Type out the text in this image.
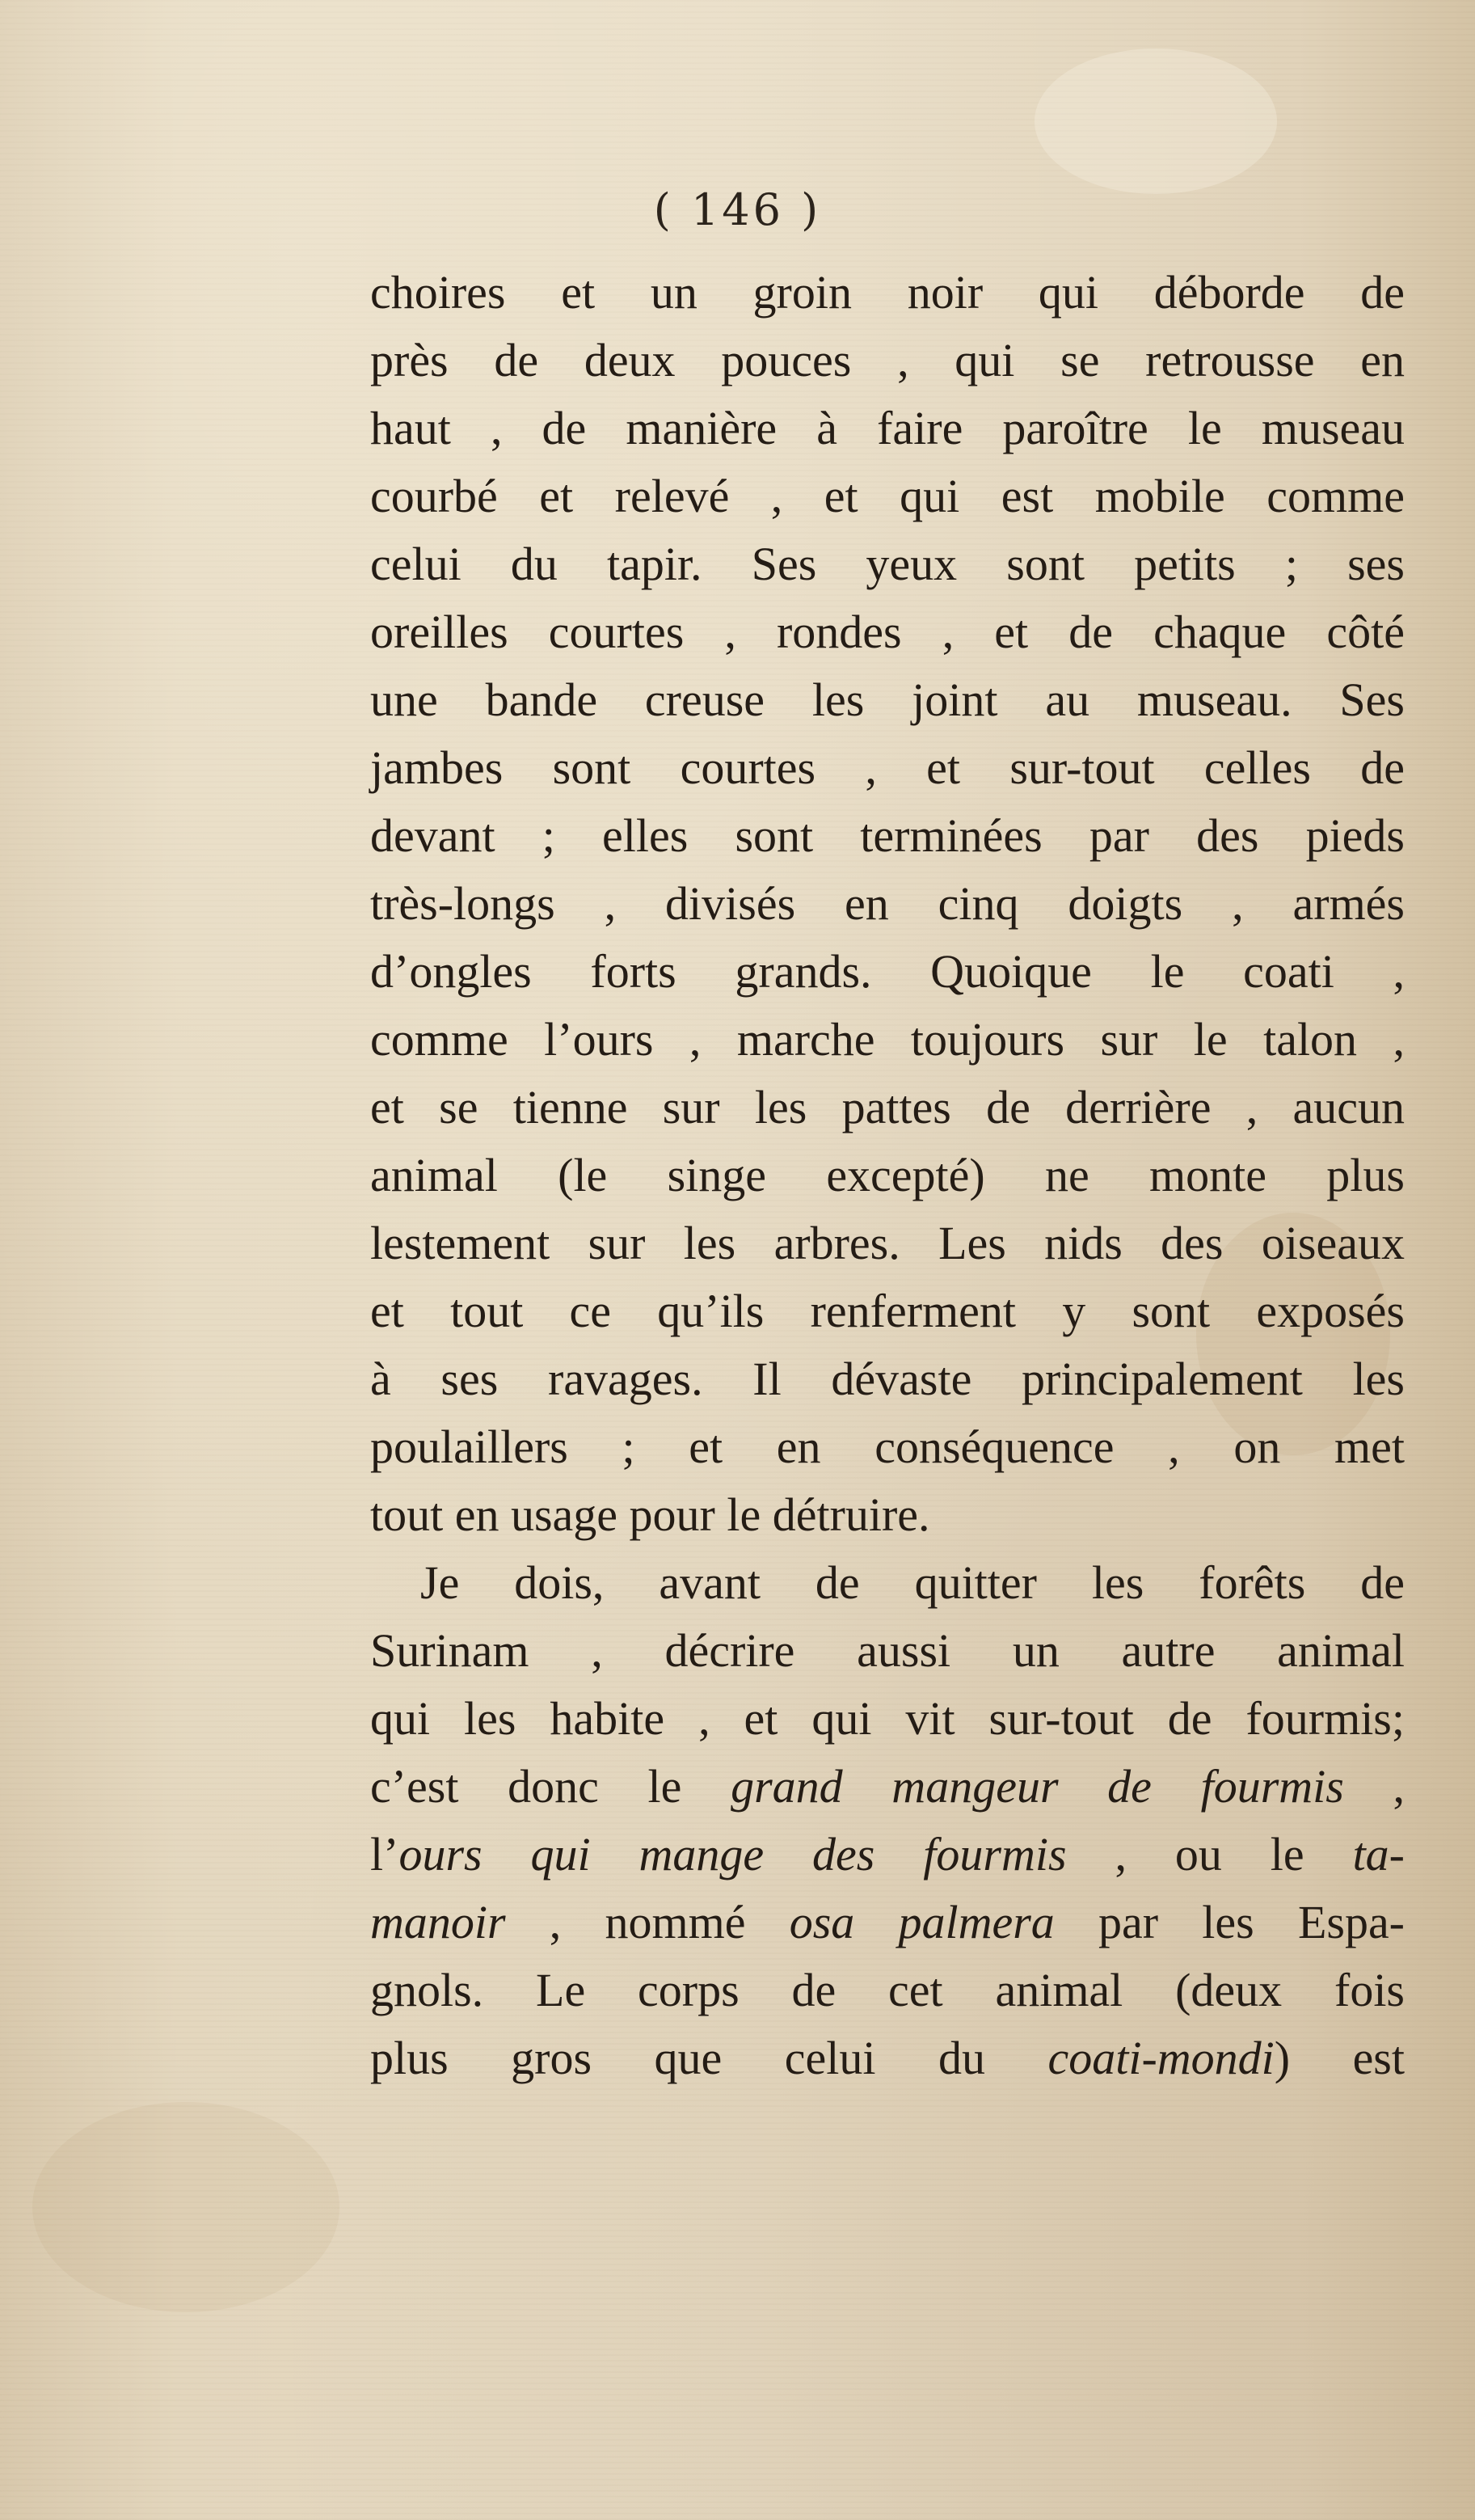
( 146 )
choires et un groin noir qui déborde de
près de deux pouces , qui se retrousse en
haut , de manière à faire paroître le museau
courbé et relevé , et qui est mobile comme
celui du tapir. Ses yeux sont petits ; ses
oreilles courtes , rondes , et de chaque côté
une bande creuse les joint au museau. Ses
jambes sont courtes , et sur-tout celles de
devant ; elles sont terminées par des pieds
très-longs , divisés en cinq doigts , armés
d’ongles forts grands. Quoique le coati ,
comme l’ours , marche toujours sur le talon ,
et se tienne sur les pattes de derrière , aucun
animal (le singe excepté) ne monte plus
lestement sur les arbres. Les nids des oiseaux
et tout ce qu’ils renferment y sont exposés
à ses ravages. Il dévaste principalement les
poulaillers ; et en conséquence , on met
tout en usage pour le détruire.
Je dois, avant de quitter les forêts de
Surinam , décrire aussi un autre animal
qui les habite , et qui vit sur-tout de fourmis;
c’est donc le grand mangeur de fourmis ,
l’ours qui mange des fourmis , ou le ta-
manoir , nommé osa palmera par les Espa-
gnols. Le corps de cet animal (deux fois
plus gros que celui du coati-mondi) est
